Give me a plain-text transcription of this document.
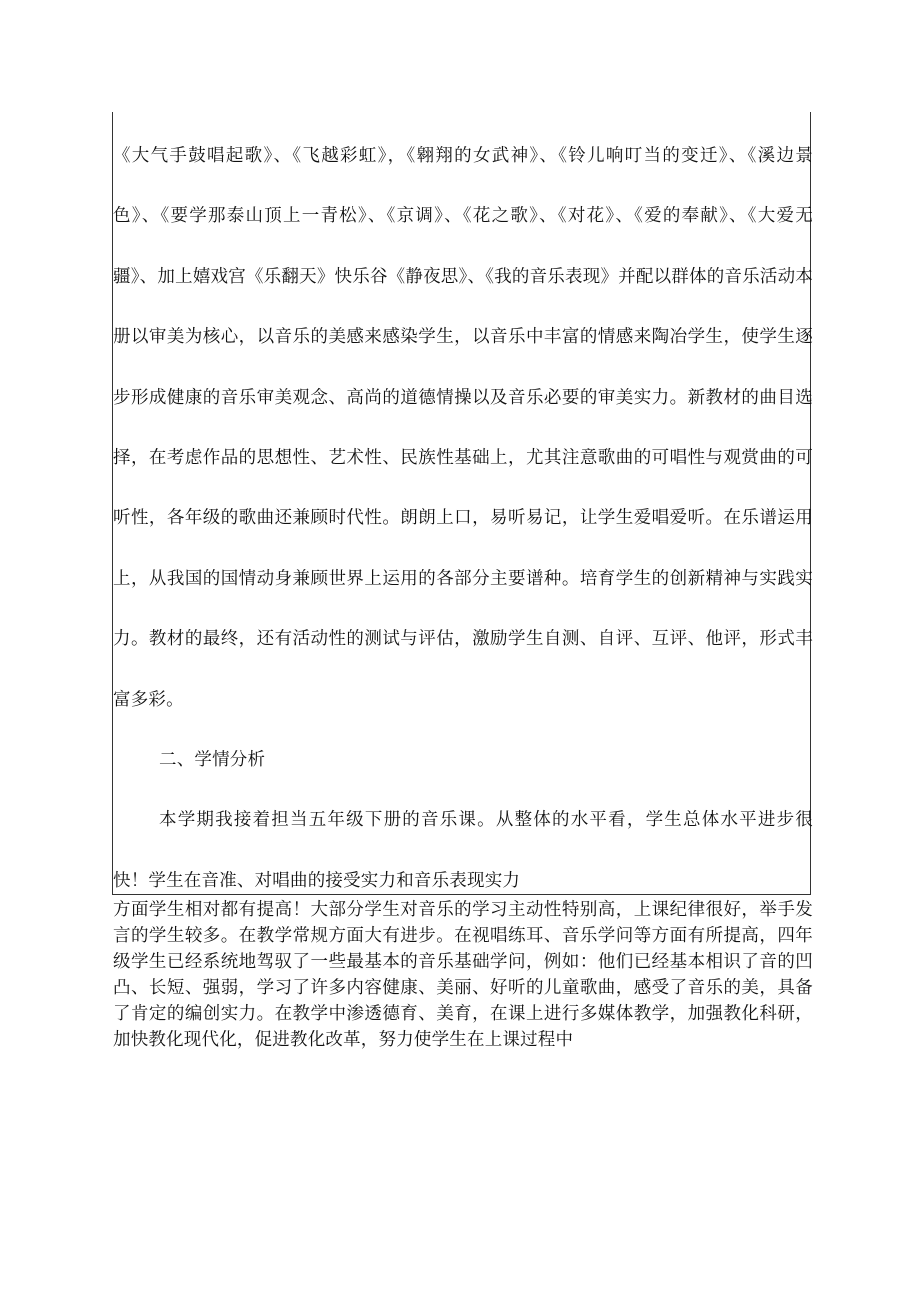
《大气手鼓唱起歌》、《飞越彩虹》，《翱翔的女武神》、《铃儿响叮当的变迁》、《溪边景色》、《要学那泰山顶上一青松》、《京调》、《花之歌》、《对花》、《爱的奉献》、《大爱无疆》、加上嬉戏宫《乐翻天》快乐谷《静夜思》、《我的音乐表现》并配以群体的音乐活动本册以审美为核心，以音乐的美感来感染学生，以音乐中丰富的情感来陶冶学生，使学生逐步形成健康的音乐审美观念、高尚的道德情操以及音乐必要的审美实力。新教材的曲目选择，在考虑作品的思想性、艺术性、民族性基础上，尤其注意歌曲的可唱性与观赏曲的可听性，各年级的歌曲还兼顾时代性。朗朗上口，易听易记，让学生爱唱爱听。在乐谱运用上，从我国的国情动身兼顾世界上运用的各部分主要谱种。培育学生的创新精神与实践实力。教材的最终，还有活动性的测试与评估，激励学生自测、自评、互评、他评，形式丰富多彩。

二、学情分析

本学期我接着担当五年级下册的音乐课。从整体的水平看，学生总体水平进步很快！学生在音准、对唱曲的接受实力和音乐表现实力

方面学生相对都有提高！大部分学生对音乐的学习主动性特别高，上课纪律很好，举手发言的学生较多。在教学常规方面大有进步。在视唱练耳、音乐学问等方面有所提高，四年级学生已经系统地驾驭了一些最基本的音乐基础学问，例如：他们已经基本相识了音的凹凸、长短、强弱，学习了许多内容健康、美丽、好听的儿童歌曲，感受了音乐的美，具备了肯定的编创实力。在教学中渗透德育、美育，在课上进行多媒体教学，加强教化科研，加快教化现代化，促进教化改革，努力使学生在上课过程中
